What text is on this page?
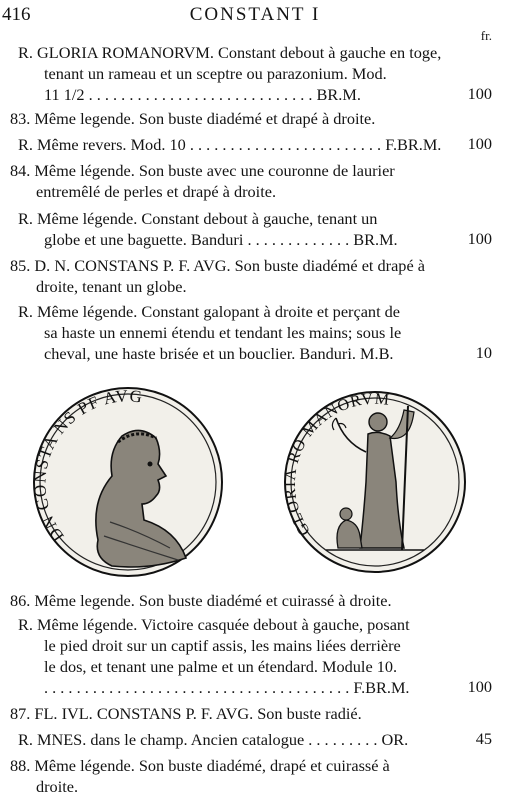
416	CONSTANT I
fr.
R. GLORIA ROMANORVM. Constant debout à gauche en toge,
tenant un rameau et un sceptre ou parazonium. Mod.
11 1/2 . . . . . . . . . . . . . . . . . . . . . . . . . . . . BR.M.	100
83. Même legende. Son buste diadémé et drapé à droite.
R. Même revers. Mod. 10 . . . . . . . . . . . . . . . . . . . . . . . . F.BR.M.	100
84. Même légende. Son buste avec une couronne de laurier
entremêlé de perles et drapé à droite.
R. Même légende. Constant debout à gauche, tenant un
globe et une baguette. Banduri . . . . . . . . . . . . . BR.M.	100
85. D. N. CONSTANS P. F. AVG. Son buste diadémé et drapé à
droite, tenant un globe.
R. Même légende. Constant galopant à droite et perçant de
sa haste un ennemi étendu et tendant les mains; sous le
cheval, une haste brisée et un bouclier. Banduri. M.B.	10
DN CONSTA NS PF AVG
GLORIA RO MANORVM
86. Même legende. Son buste diadémé et cuirassé à droite.
R. Même légende. Victoire casquée debout à gauche, posant
le pied droit sur un captif assis, les mains liées derrière
le dos, et tenant une palme et un étendard. Module 10.
. . . . . . . . . . . . . . . . . . . . . . . . . . . . . . . . . . . . . . F.BR.M.	100
87. FL. IVL. CONSTANS P. F. AVG. Son buste radié.
R. MNES. dans le champ. Ancien catalogue . . . . . . . . . OR.	45
88. Même légende. Son buste diadémé, drapé et cuirassé à
droite.
